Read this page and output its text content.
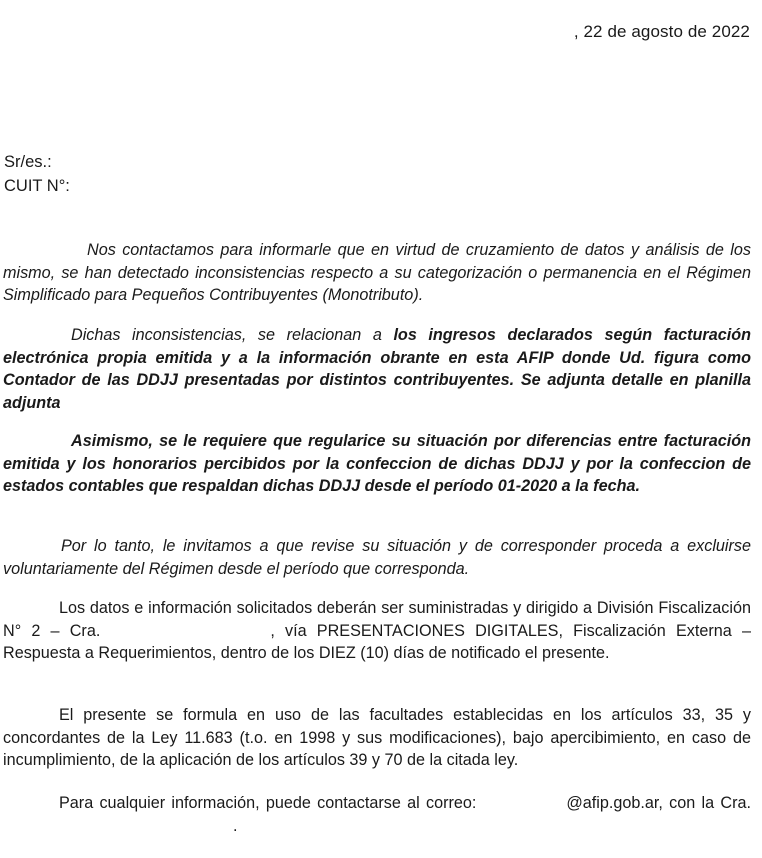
, 22 de agosto de 2022
Sr/es.:
CUIT N°:

Nos contactamos para informarle que en virtud de cruzamiento de datos y análisis de los mismo, se han detectado inconsistencias respecto a su categorización o permanencia en el Régimen Simplificado para Pequeños Contribuyentes (Monotributo).

Dichas inconsistencias, se relacionan a los ingresos declarados según facturación electrónica propia emitida y a la información obrante en esta AFIP donde Ud. figura como Contador de las DDJJ presentadas por distintos contribuyentes. Se adjunta detalle en planilla adjunta

Asimismo, se le requiere que regularice su situación por diferencias entre facturación emitida y los honorarios percibidos por la confeccion de dichas DDJJ y por la confeccion de estados contables que respaldan dichas DDJJ desde el período 01-2020 a la fecha.

Por lo tanto, le invitamos a que revise su situación y de corresponder proceda a excluirse voluntariamente del Régimen desde el período que corresponda.

Los datos e información solicitados deberán ser suministradas y dirigido a División Fiscalización N° 2 – Cra.	, vía PRESENTACIONES DIGITALES, Fiscalización Externa – Respuesta a Requerimientos, dentro de los DIEZ (10) días de notificado el presente.

El presente se formula en uso de las facultades establecidas en los artículos 33, 35 y concordantes de la Ley 11.683 (t.o. en 1998 y sus modificaciones), bajo apercibimiento, en caso de incumplimiento, de la aplicación de los artículos 39 y 70 de la citada ley.

Para cualquier información, puede contactarse al correo:	@afip.gob.ar, con la Cra..
